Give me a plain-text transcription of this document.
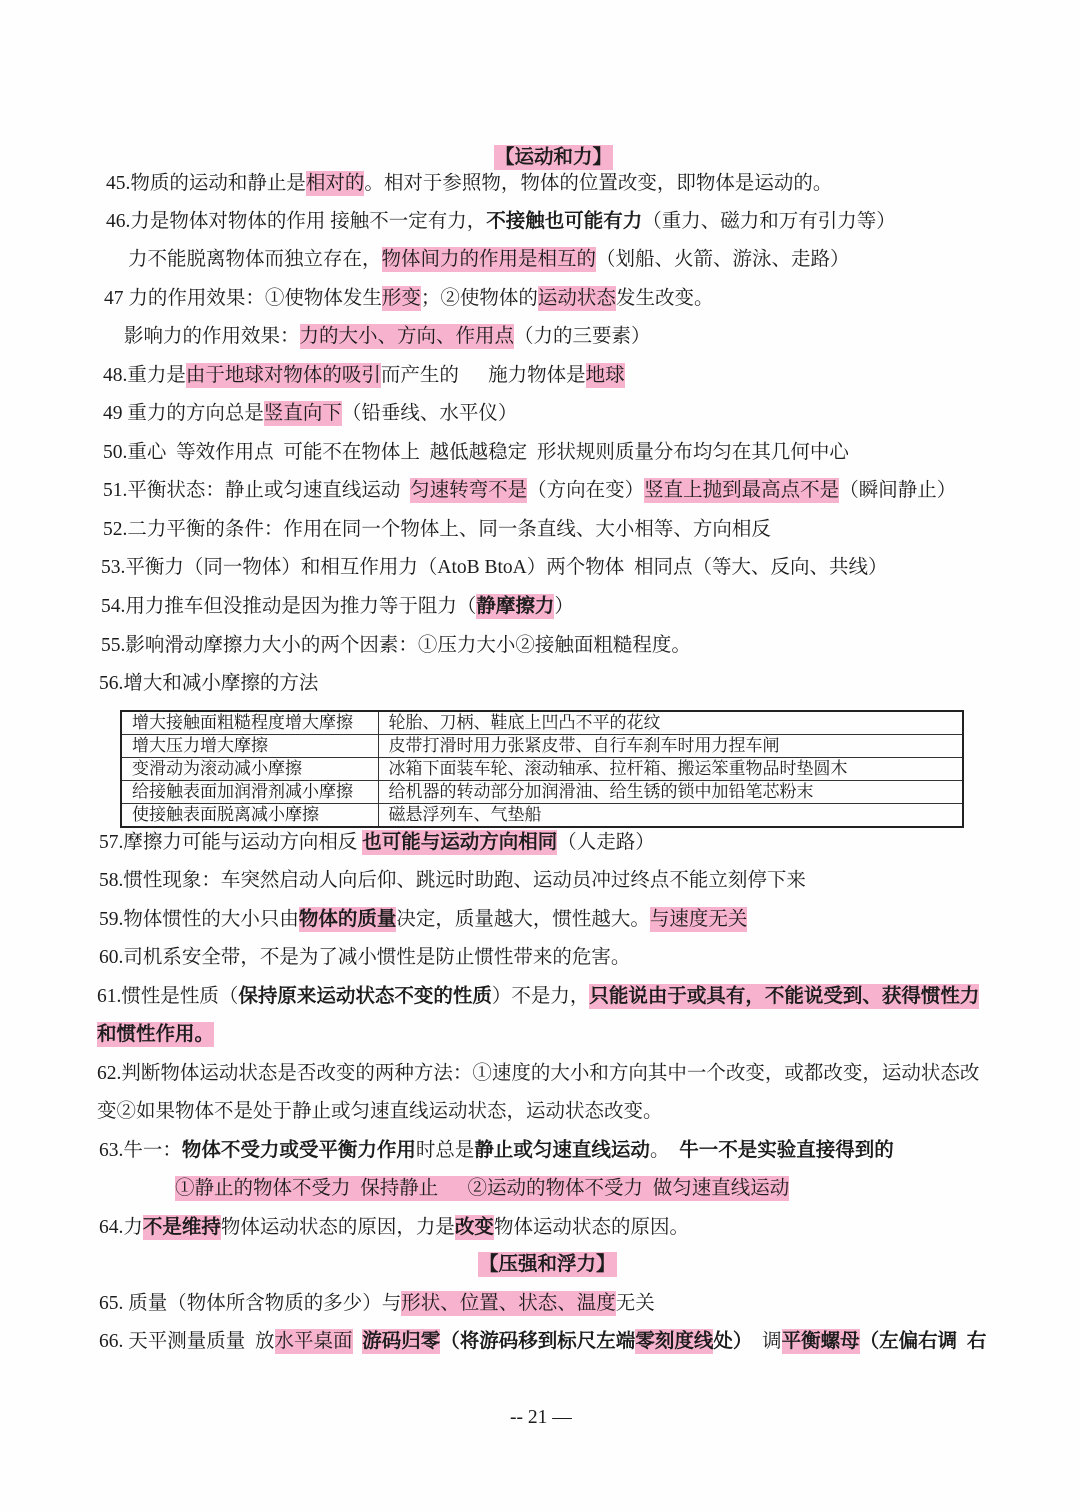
【运动和力】
45.物质的运动和静止是相对的。相对于参照物，物体的位置改变，即物体是运动的。
46.力是物体对物体的作用 接触不一定有力，不接触也可能有力（重力、磁力和万有引力等）
力不能脱离物体而独立存在，物体间力的作用是相互的（划船、火箭、游泳、走路）
47 力的作用效果：①使物体发生形变；②使物体的运动状态发生改变。
影响力的作用效果：力的大小、方向、作用点（力的三要素）
48.重力是由于地球对物体的吸引而产生的      施力物体是地球
49 重力的方向总是竖直向下（铅垂线、水平仪）
50.重心  等效作用点  可能不在物体上  越低越稳定  形状规则质量分布均匀在其几何中心
51.平衡状态：静止或匀速直线运动  匀速转弯不是（方向在变）竖直上抛到最高点不是（瞬间静止）
52.二力平衡的条件：作用在同一个物体上、同一条直线、大小相等、方向相反
53.平衡力（同一物体）和相互作用力（AtoB BtoA）两个物体  相同点（等大、反向、共线）
54.用力推车但没推动是因为推力等于阻力（静摩擦力）
55.影响滑动摩擦力大小的两个因素：①压力大小②接触面粗糙程度。
56.增大和减小摩擦的方法
增大接触面粗糙程度增大摩擦	轮胎、刀柄、鞋底上凹凸不平的花纹
增大压力增大摩擦	皮带打滑时用力张紧皮带、自行车刹车时用力捏车闸
变滑动为滚动减小摩擦	冰箱下面装车轮、滚动轴承、拉杆箱、搬运笨重物品时垫圆木
给接触表面加润滑剂减小摩擦	给机器的转动部分加润滑油、给生锈的锁中加铅笔芯粉末
使接触表面脱离减小摩擦	磁悬浮列车、气垫船
57.摩擦力可能与运动方向相反 也可能与运动方向相同（人走路）
58.惯性现象：车突然启动人向后仰、跳远时助跑、运动员冲过终点不能立刻停下来
59.物体惯性的大小只由物体的质量决定，质量越大，惯性越大。与速度无关
60.司机系安全带，不是为了减小惯性是防止惯性带来的危害。
61.惯性是性质（保持原来运动状态不变的性质）不是力，只能说由于或具有，不能说受到、获得惯性力
和惯性作用。
62.判断物体运动状态是否改变的两种方法：①速度的大小和方向其中一个改变，或都改变，运动状态改
变②如果物体不是处于静止或匀速直线运动状态，运动状态改变。
63.牛一：物体不受力或受平衡力作用时总是静止或匀速直线运动。  牛一不是实验直接得到的
①静止的物体不受力  保持静止      ②运动的物体不受力  做匀速直线运动
64.力不是维持物体运动状态的原因，力是改变物体运动状态的原因。
【压强和浮力】
65. 质量（物体所含物质的多少）与形状、位置、状态、温度无关
66. 天平测量质量  放水平桌面 游码归零（将游码移到标尺左端零刻度线处）  调平衡螺母（左偏右调  右
-- 21 —
